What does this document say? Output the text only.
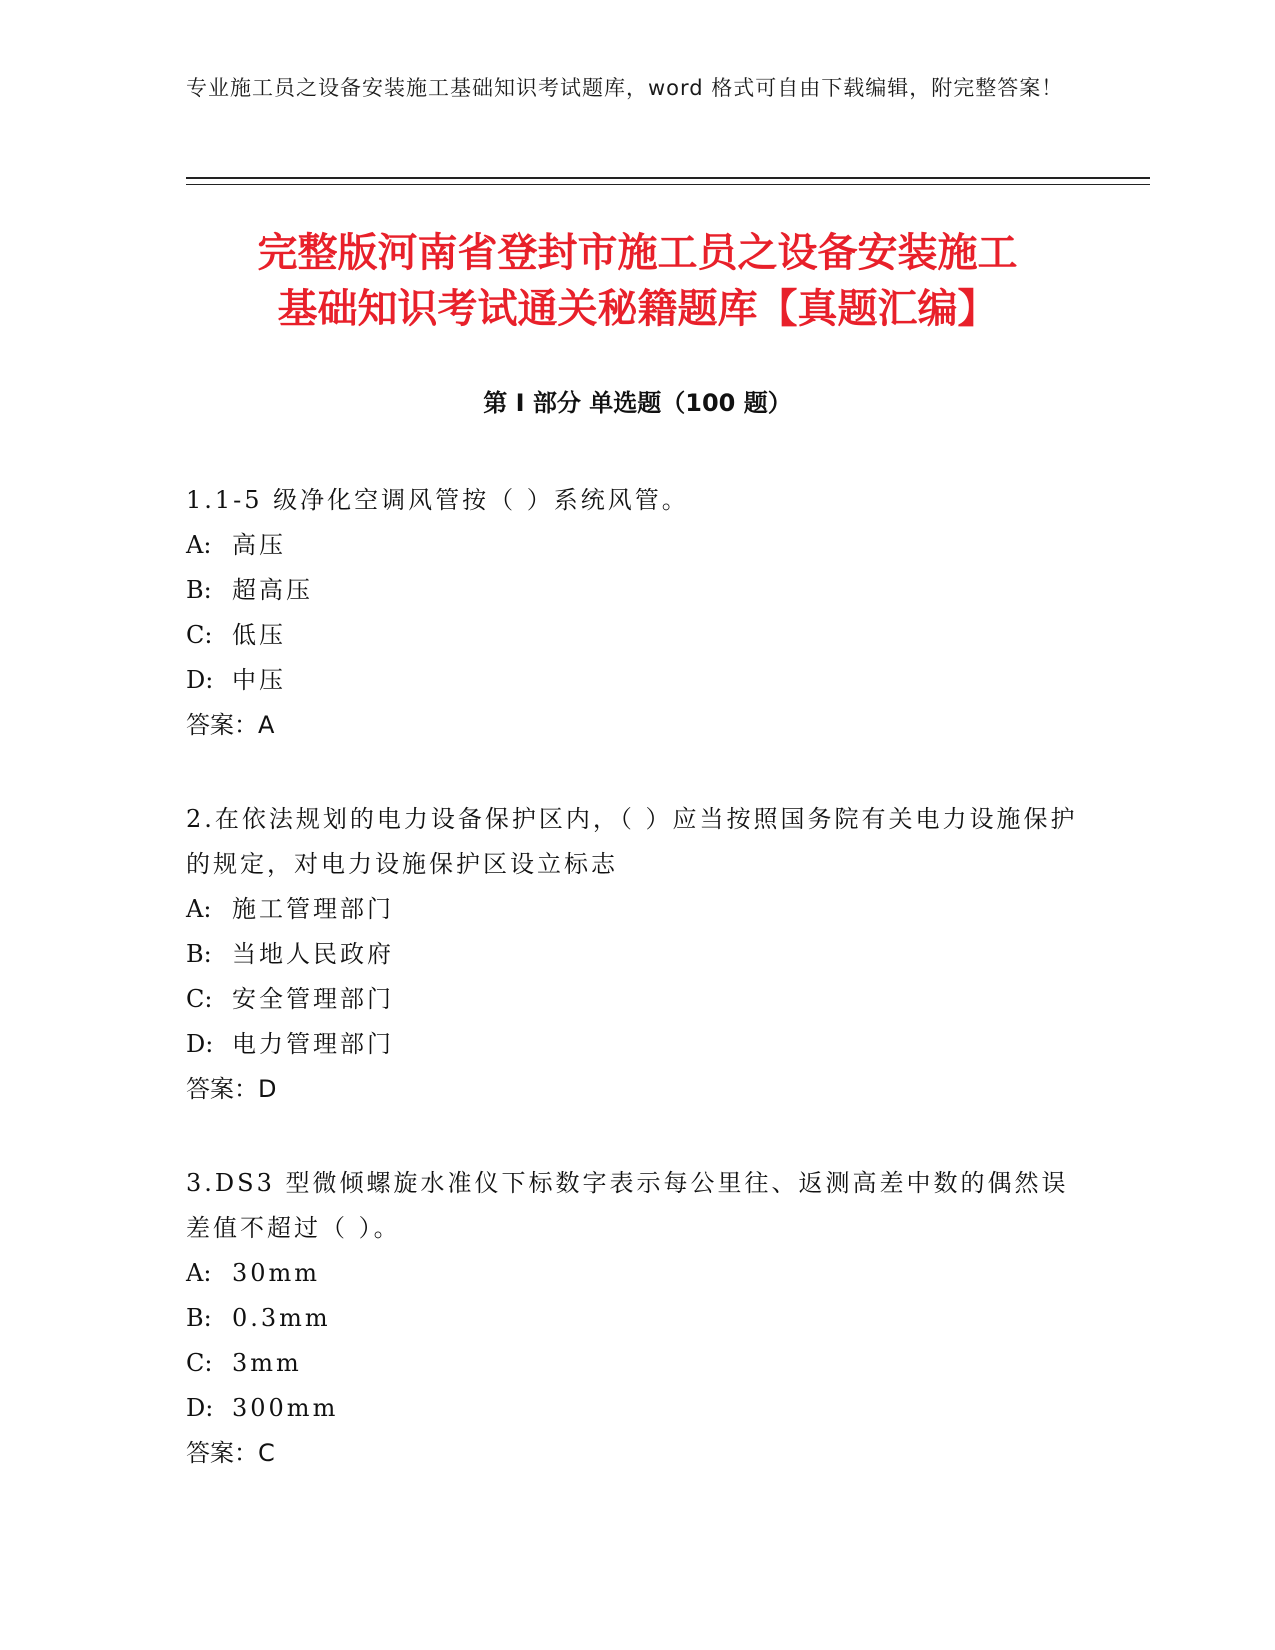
专业施工员之设备安装施工基础知识考试题库，word 格式可自由下载编辑，附完整答案！
完整版河南省登封市施工员之设备安装施工
基础知识考试通关秘籍题库【真题汇编】
第 I 部分 单选题（100 题）
1.1-5 级净化空调风管按（ ）系统风管。
A: 高压
B: 超高压
C: 低压
D: 中压
答案：A
2.在依法规划的电力设备保护区内，（ ）应当按照国务院有关电力设施保护的规定，对电力设施保护区设立标志
A: 施工管理部门
B: 当地人民政府
C: 安全管理部门
D: 电力管理部门
答案：D
3.DS3 型微倾螺旋水准仪下标数字表示每公里往、返测高差中数的偶然误差值不超过（ ）。
A: 30mm
B: 0.3mm
C: 3mm
D: 300mm
答案：C
